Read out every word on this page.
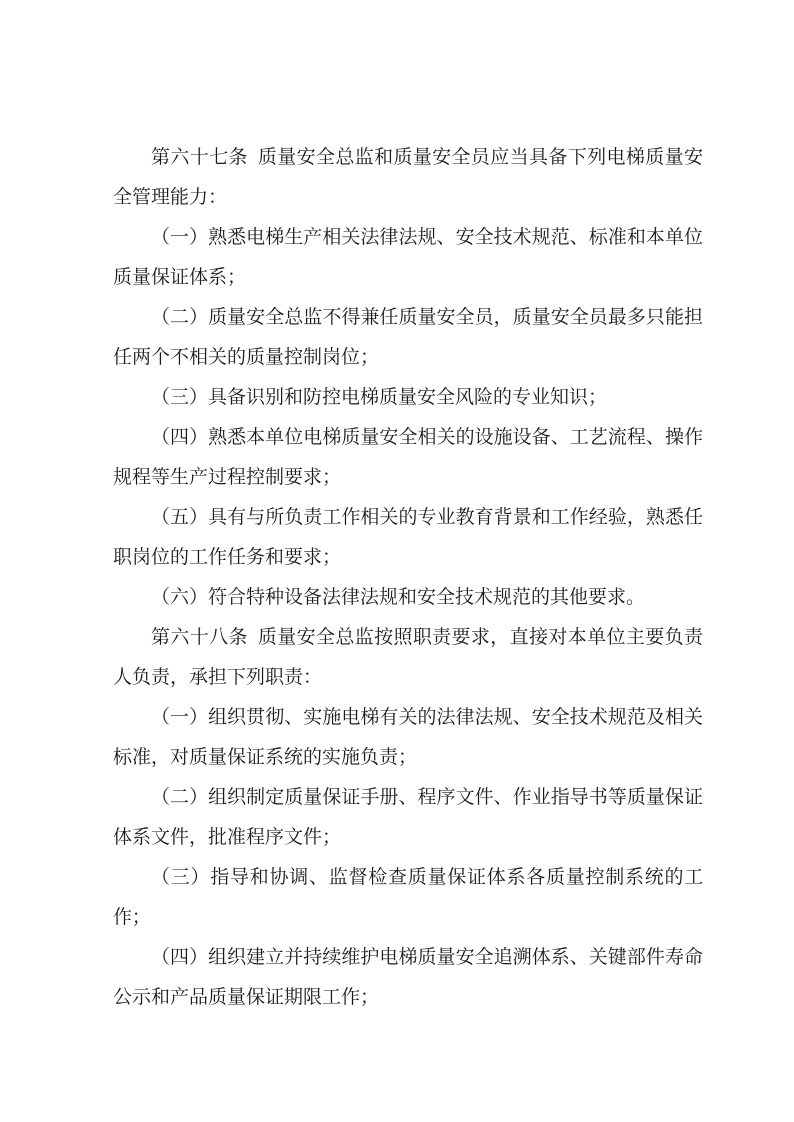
第六十七条 质量安全总监和质量安全员应当具备下列电梯质量安全管理能力：

（一）熟悉电梯生产相关法律法规、安全技术规范、标准和本单位质量保证体系；

（二）质量安全总监不得兼任质量安全员，质量安全员最多只能担任两个不相关的质量控制岗位；

（三）具备识别和防控电梯质量安全风险的专业知识；

（四）熟悉本单位电梯质量安全相关的设施设备、工艺流程、操作规程等生产过程控制要求；

（五）具有与所负责工作相关的专业教育背景和工作经验，熟悉任职岗位的工作任务和要求；

（六）符合特种设备法律法规和安全技术规范的其他要求。

第六十八条 质量安全总监按照职责要求，直接对本单位主要负责人负责，承担下列职责：

（一）组织贯彻、实施电梯有关的法律法规、安全技术规范及相关标准，对质量保证系统的实施负责；

（二）组织制定质量保证手册、程序文件、作业指导书等质量保证体系文件，批准程序文件；

（三）指导和协调、监督检查质量保证体系各质量控制系统的工作；

（四）组织建立并持续维护电梯质量安全追溯体系、关键部件寿命公示和产品质量保证期限工作；
